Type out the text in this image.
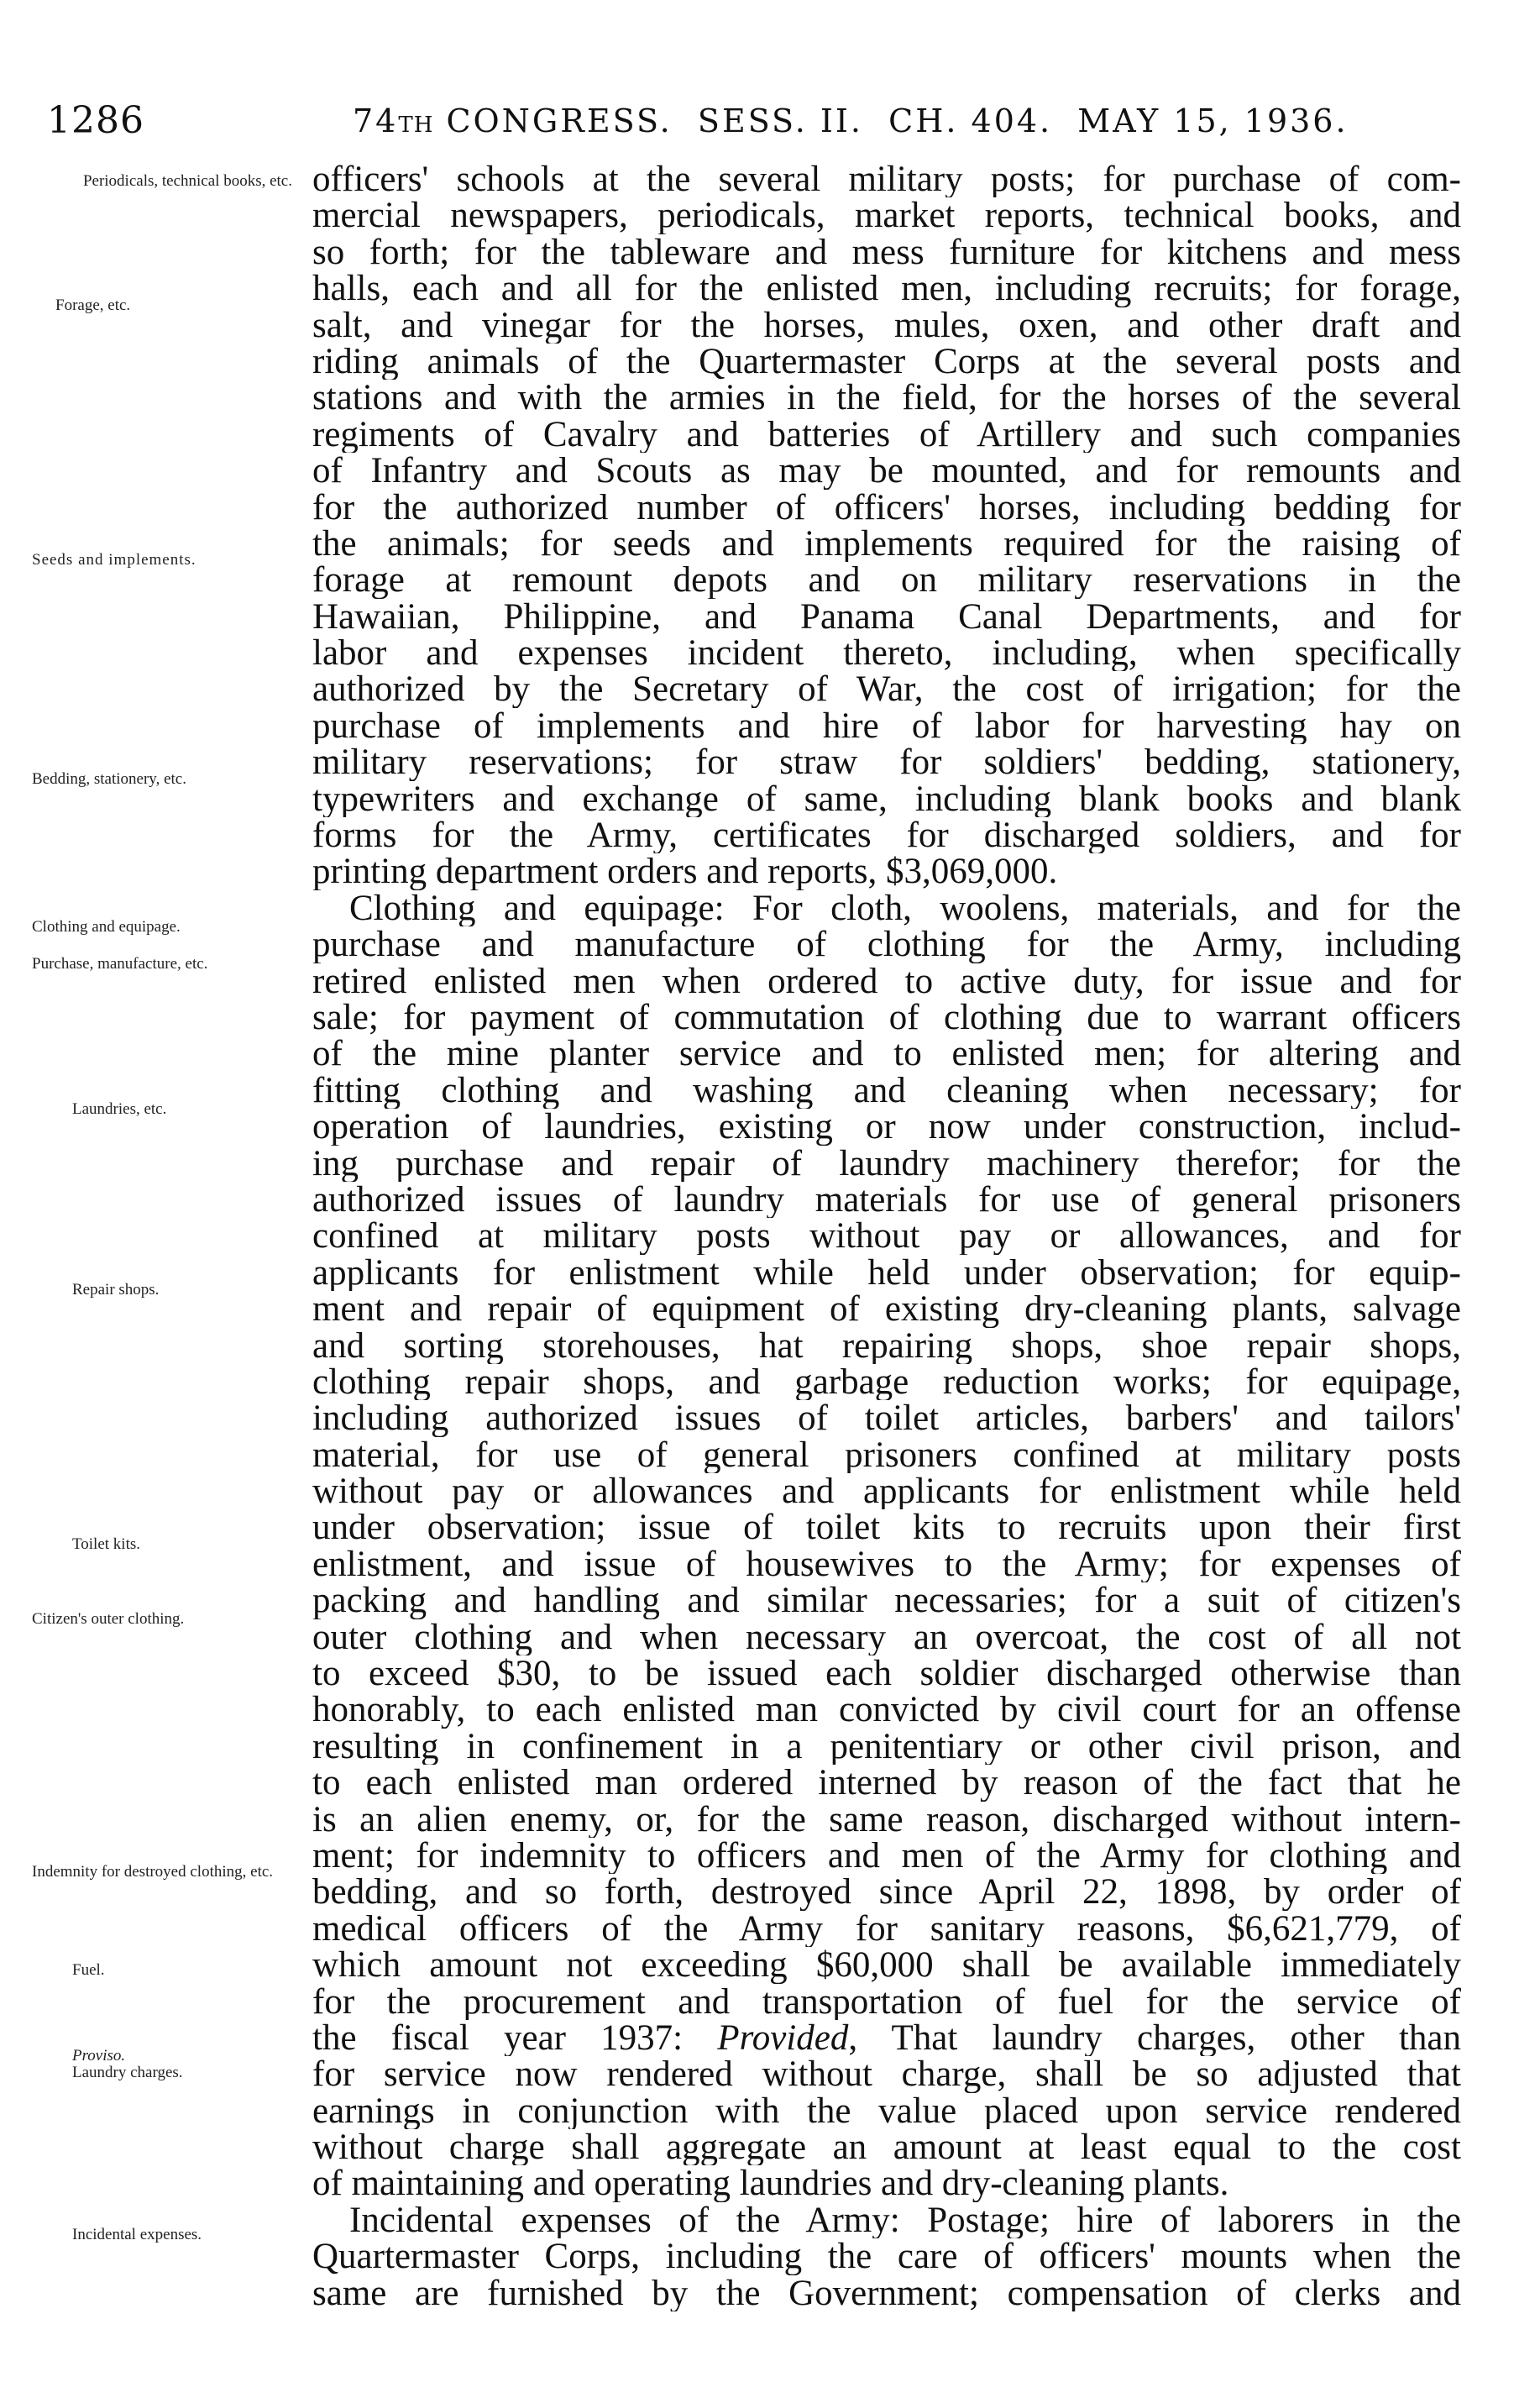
1286	74TH CONGRESS.  SESS. II.  CH. 404.  MAY 15, 1936.
Periodicals, technical books, etc.
Forage, etc.
Seeds and implements.
Bedding, stationery, etc.
Clothing and equipage.
Purchase, manufacture, etc.
Laundries, etc.
Repair shops.
Toilet kits.
Citizen's outer clothing.
Indemnity for destroyed clothing, etc.
Fuel.
Proviso.
Laundry charges.
Incidental expenses.
officers' schools at the several military posts; for purchase of com-
mercial newspapers, periodicals, market reports, technical books, and
so forth; for the tableware and mess furniture for kitchens and mess
halls, each and all for the enlisted men, including recruits; for forage,
salt, and vinegar for the horses, mules, oxen, and other draft and
riding animals of the Quartermaster Corps at the several posts and
stations and with the armies in the field, for the horses of the several
regiments of Cavalry and batteries of Artillery and such companies
of Infantry and Scouts as may be mounted, and for remounts and
for the authorized number of officers' horses, including bedding for
the animals; for seeds and implements required for the raising of
forage at remount depots and on military reservations in the
Hawaiian, Philippine, and Panama Canal Departments, and for
labor and expenses incident thereto, including, when specifically
authorized by the Secretary of War, the cost of irrigation; for the
purchase of implements and hire of labor for harvesting hay on
military reservations; for straw for soldiers' bedding, stationery,
typewriters and exchange of same, including blank books and blank
forms for the Army, certificates for discharged soldiers, and for
printing department orders and reports, $3,069,000.
Clothing and equipage: For cloth, woolens, materials, and for the
purchase and manufacture of clothing for the Army, including
retired enlisted men when ordered to active duty, for issue and for
sale; for payment of commutation of clothing due to warrant officers
of the mine planter service and to enlisted men; for altering and
fitting clothing and washing and cleaning when necessary; for
operation of laundries, existing or now under construction, includ-
ing purchase and repair of laundry machinery therefor; for the
authorized issues of laundry materials for use of general prisoners
confined at military posts without pay or allowances, and for
applicants for enlistment while held under observation; for equip-
ment and repair of equipment of existing dry-cleaning plants, salvage
and sorting storehouses, hat repairing shops, shoe repair shops,
clothing repair shops, and garbage reduction works; for equipage,
including authorized issues of toilet articles, barbers' and tailors'
material, for use of general prisoners confined at military posts
without pay or allowances and applicants for enlistment while held
under observation; issue of toilet kits to recruits upon their first
enlistment, and issue of housewives to the Army; for expenses of
packing and handling and similar necessaries; for a suit of citizen's
outer clothing and when necessary an overcoat, the cost of all not
to exceed $30, to be issued each soldier discharged otherwise than
honorably, to each enlisted man convicted by civil court for an offense
resulting in confinement in a penitentiary or other civil prison, and
to each enlisted man ordered interned by reason of the fact that he
is an alien enemy, or, for the same reason, discharged without intern-
ment; for indemnity to officers and men of the Army for clothing and
bedding, and so forth, destroyed since April 22, 1898, by order of
medical officers of the Army for sanitary reasons, $6,621,779, of
which amount not exceeding $60,000 shall be available immediately
for the procurement and transportation of fuel for the service of
the fiscal year 1937: Provided, That laundry charges, other than
for service now rendered without charge, shall be so adjusted that
earnings in conjunction with the value placed upon service rendered
without charge shall aggregate an amount at least equal to the cost
of maintaining and operating laundries and dry-cleaning plants.
Incidental expenses of the Army: Postage; hire of laborers in the
Quartermaster Corps, including the care of officers' mounts when the
same are furnished by the Government; compensation of clerks and
